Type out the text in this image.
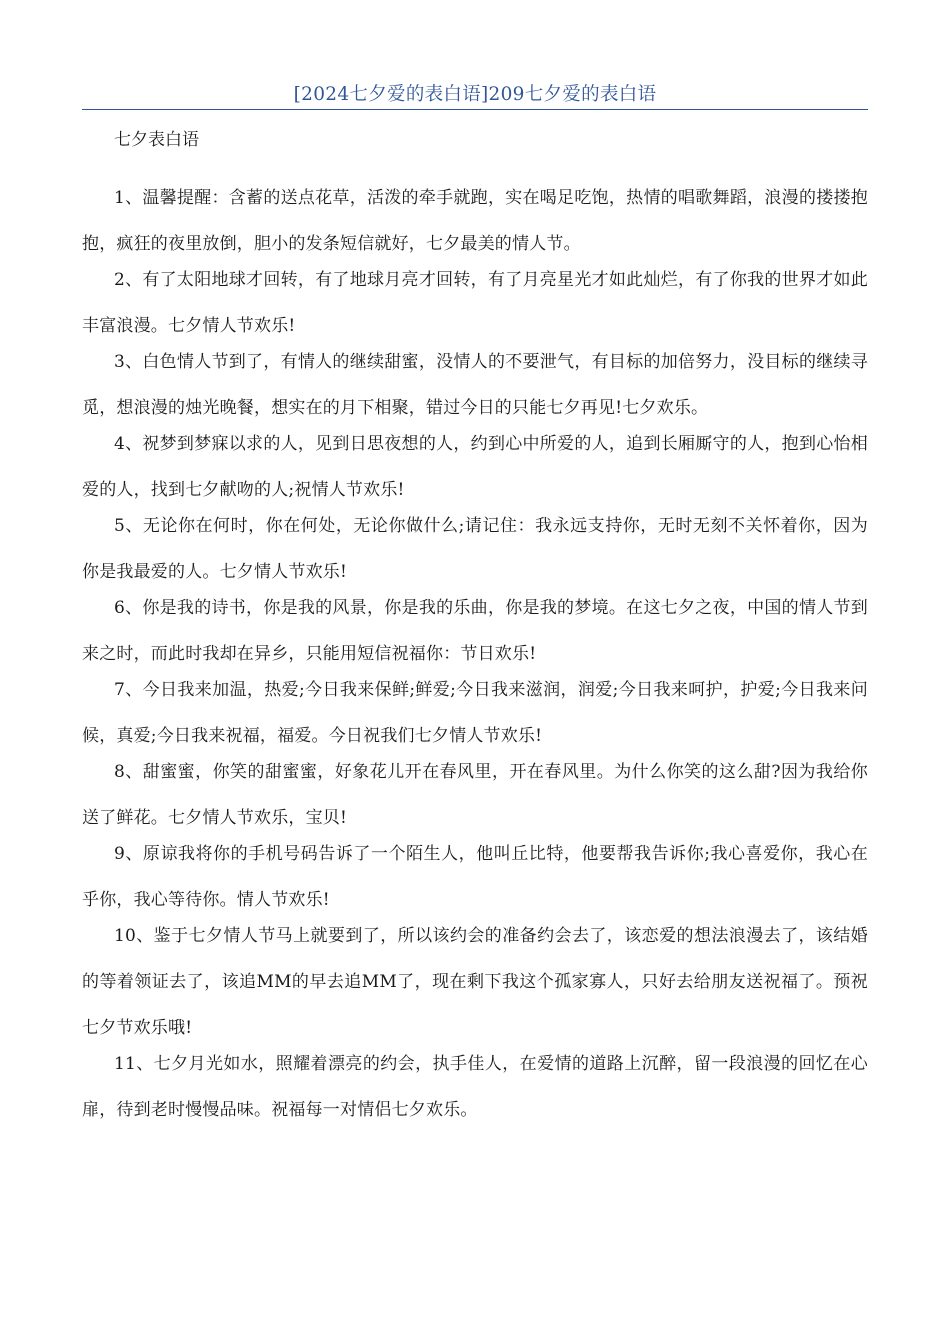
[2024七夕爱的表白语]209七夕爱的表白语
七夕表白语

1、温馨提醒：含蓄的送点花草，活泼的牵手就跑，实在喝足吃饱，热情的唱歌舞蹈，浪漫的搂搂抱抱，疯狂的夜里放倒，胆小的发条短信就好，七夕最美的情人节。

2、有了太阳地球才回转，有了地球月亮才回转，有了月亮星光才如此灿烂，有了你我的世界才如此丰富浪漫。七夕情人节欢乐!

3、白色情人节到了，有情人的继续甜蜜，没情人的不要泄气，有目标的加倍努力，没目标的继续寻觅，想浪漫的烛光晚餐，想实在的月下相聚，错过今日的只能七夕再见!七夕欢乐。

4、祝梦到梦寐以求的人，见到日思夜想的人，约到心中所爱的人，追到长厢厮守的人，抱到心怡相爱的人，找到七夕献吻的人;祝情人节欢乐!

5、无论你在何时，你在何处，无论你做什么;请记住：我永远支持你，无时无刻不关怀着你，因为你是我最爱的人。七夕情人节欢乐!

6、你是我的诗书，你是我的风景，你是我的乐曲，你是我的梦境。在这七夕之夜，中国的情人节到来之时，而此时我却在异乡，只能用短信祝福你：节日欢乐!

7、今日我来加温，热爱;今日我来保鲜;鲜爱;今日我来滋润，润爱;今日我来呵护，护爱;今日我来问候，真爱;今日我来祝福，福爱。今日祝我们七夕情人节欢乐!

8、甜蜜蜜，你笑的甜蜜蜜，好象花儿开在春风里，开在春风里。为什么你笑的这么甜?因为我给你送了鲜花。七夕情人节欢乐，宝贝!

9、原谅我将你的手机号码告诉了一个陌生人，他叫丘比特，他要帮我告诉你;我心喜爱你，我心在乎你，我心等待你。情人节欢乐!

10、鉴于七夕情人节马上就要到了，所以该约会的准备约会去了，该恋爱的想法浪漫去了，该结婚的等着领证去了，该追MM的早去追MM了，现在剩下我这个孤家寡人，只好去给朋友送祝福了。预祝七夕节欢乐哦!

11、七夕月光如水，照耀着漂亮的约会，执手佳人，在爱情的道路上沉醉，留一段浪漫的回忆在心扉，待到老时慢慢品味。祝福每一对情侣七夕欢乐。
